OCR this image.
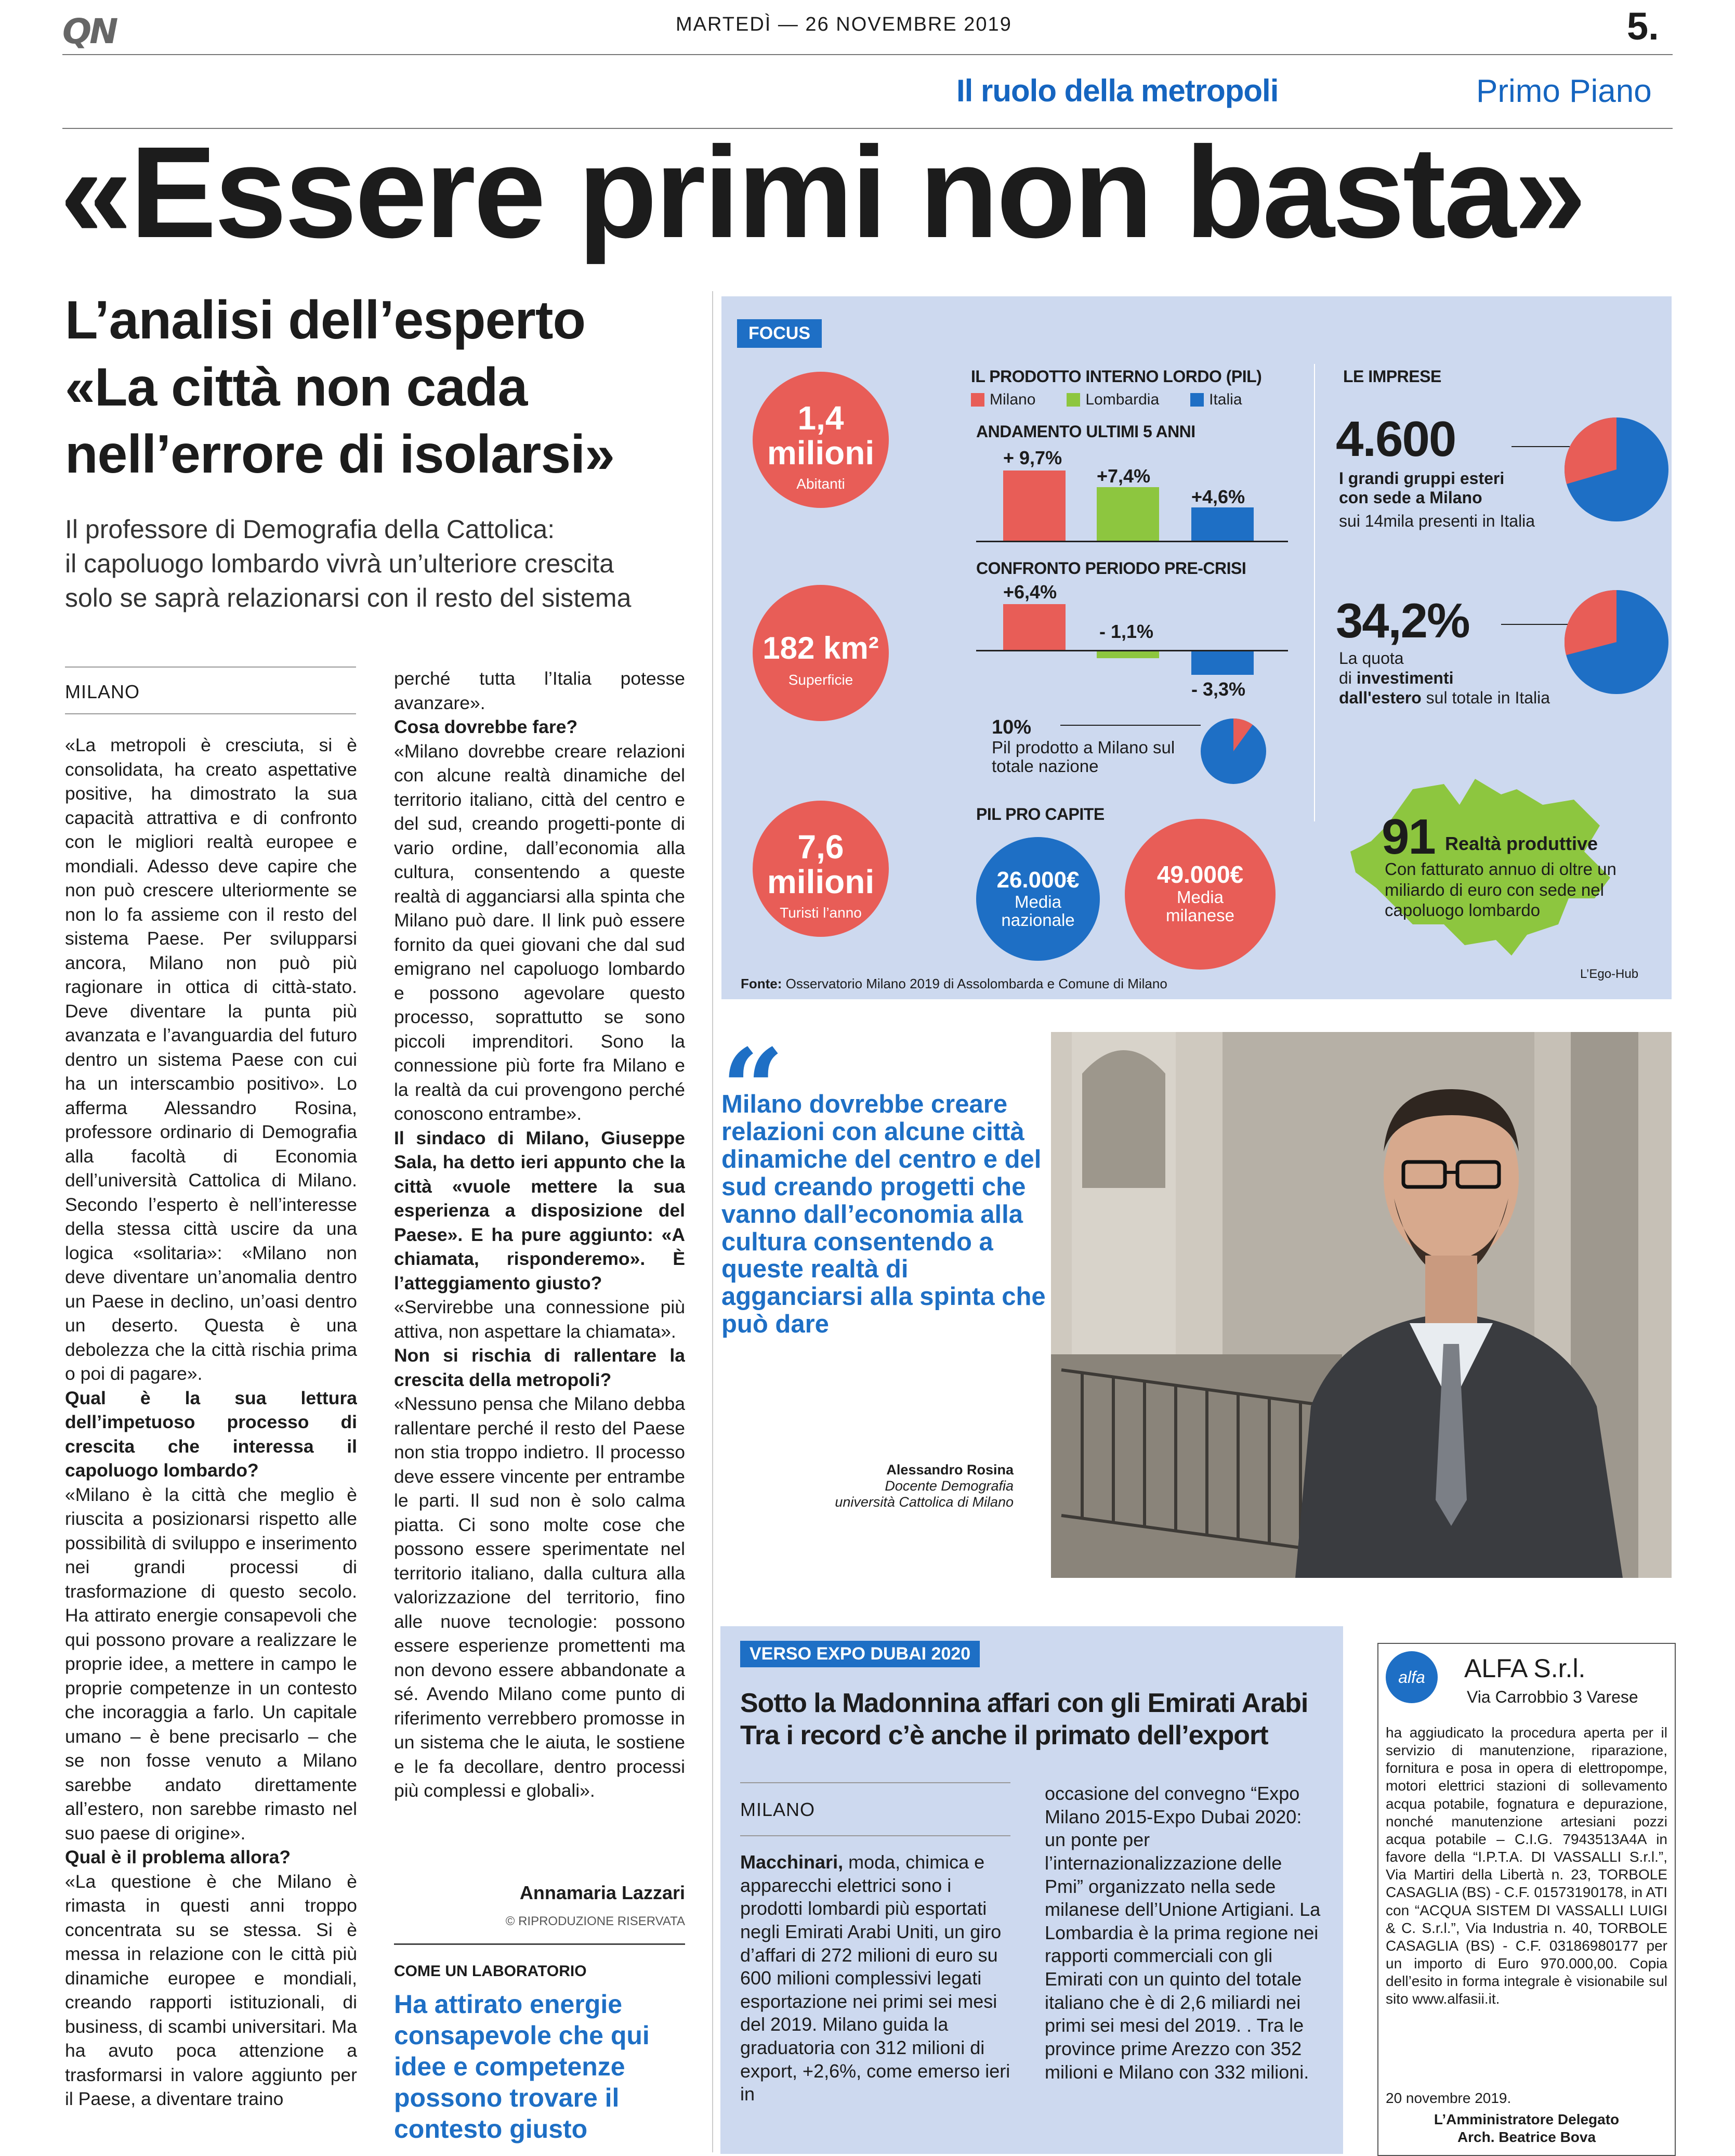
QN	MARTEDÌ — 26 NOVEMBRE 2019	5.
Il ruolo della metropoli	Primo Piano
«Essere primi non basta»
L’analisi dell’esperto
«La città non cada
nell’errore di isolarsi»
Il professore di Demografia della Cattolica:
il capoluogo lombardo vivrà un’ulteriore crescita
solo se saprà relazionarsi con il resto del sistema
MILANO

«La metropoli è cresciuta, si è consolidata, ha creato aspettative positive, ha dimostrato la sua capacità attrattiva e di confronto con le migliori realtà europee e mondiali. Adesso deve capire che non può crescere ulteriormente se non lo fa assieme con il resto del sistema Paese. Per svilupparsi ancora, Milano non può più ragionare in ottica di città-stato. Deve diventare la punta più avanzata e l’avanguardia del futuro dentro un sistema Paese con cui ha un interscambio positivo». Lo afferma Alessandro Rosina, professore ordinario di Demografia alla facoltà di Economia dell’università Cattolica di Milano. Secondo l’esperto è nell’interesse della stessa città uscire da una logica «solitaria»: «Milano non deve diventare un’anomalia dentro un Paese in declino, un’oasi dentro un deserto. Questa è una debolezza che la città rischia prima o poi di pagare».

Qual è la sua lettura dell’impetuoso processo di crescita che interessa il capoluogo lombardo?

«Milano è la città che meglio è riuscita a posizionarsi rispetto alle possibilità di sviluppo e inserimento nei grandi processi di trasformazione di questo secolo. Ha attirato energie consapevoli che qui possono provare a realizzare le proprie idee, a mettere in campo le proprie competenze in un contesto che incoraggia a farlo. Un capitale umano – è bene precisarlo – che se non fosse venuto a Milano sarebbe andato direttamente all’estero, non sarebbe rimasto nel suo paese di origine».

Qual è il problema allora?

«La questione è che Milano è rimasta in questi anni troppo concentrata su se stessa. Si è messa in relazione con le città più dinamiche europee e mondiali, creando rapporti istituzionali, di business, di scambi universitari. Ma ha avuto poca attenzione a trasformarsi in valore aggiunto per il Paese, a diventare traino

perché tutta l’Italia potesse avanzare».

Cosa dovrebbe fare?

«Milano dovrebbe creare relazioni con alcune realtà dinamiche del territorio italiano, città del centro e del sud, creando progetti-ponte di vario ordine, dall’economia alla cultura, consentendo a queste realtà di agganciarsi alla spinta che Milano può dare. Il link può essere fornito da quei giovani che dal sud emigrano nel capoluogo lombardo e possono agevolare questo processo, soprattutto se sono piccoli imprenditori. Sono la connessione più forte fra Milano e la realtà da cui provengono perché conoscono entrambe».

Il sindaco di Milano, Giuseppe Sala, ha detto ieri appunto che la città «vuole mettere la sua esperienza a disposizione del Paese». E ha pure aggiunto: «A chiamata, risponderemo». È l’atteggiamento giusto?

«Servirebbe una connessione più attiva, non aspettare la chiamata».

Non si rischia di rallentare la crescita della metropoli?

«Nessuno pensa che Milano debba rallentare perché il resto del Paese non stia troppo indietro. Il processo deve essere vincente per entrambe le parti. Il sud non è solo calma piatta. Ci sono molte cose che possono essere sperimentate nel territorio italiano, dalla cultura alla valorizzazione del territorio, fino alle nuove tecnologie: possono essere esperienze promettenti ma non devono essere abbandonate a sé. Avendo Milano come punto di riferimento verrebbero promosse in un sistema che le aiuta, le sostiene e le fa decollare, dentro processi più complessi e globali».

Annamaria Lazzari
© RIPRODUZIONE RISERVATA
COME UN LABORATORIO
Ha attirato energie consapevole che qui idee e competenze possono trovare il contesto giusto
FOCUS
1,4 milioni
Abitanti
182 km²
Superficie
7,6 milioni
Turisti l’anno
IL PRODOTTO INTERNO LORDO (PIL)
Milano	Lombardia	Italia
ANDAMENTO ULTIMI 5 ANNI
+ 9,7%
+7,4%
+4,6%
CONFRONTO PERIODO PRE-CRISI
+6,4%
- 1,1%
- 3,3%
10%
Pil prodotto a Milano sul totale nazione
PIL PRO CAPITE
26.000€
Media nazionale
49.000€
Media milanese
Fonte: Osservatorio Milano 2019 di Assolombarda e Comune di Milano
LE IMPRESE
4.600
I grandi gruppi esteri con sede a Milano
sui 14mila presenti in Italia
34,2%
La quota
di investimenti
dall'estero sul totale in Italia
91 Realtà produttive
Con fatturato annuo di oltre un miliardo di euro con sede nel capoluogo lombardo
L’Ego-Hub
“
Milano dovrebbe creare relazioni con alcune città dinamiche del centro e del sud creando progetti che vanno dall’economia alla cultura consentendo a queste realtà di agganciarsi alla spinta che può dare
Alessandro Rosina
Docente Demografia
università Cattolica di Milano
VERSO EXPO DUBAI 2020
Sotto la Madonnina affari con gli Emirati Arabi
Tra i record c’è anche il primato dell’export
MILANO
Macchinari, moda, chimica e apparecchi elettrici sono i prodotti lombardi più esportati negli Emirati Arabi Uniti, un giro d’affari di 272 milioni di euro su 600 milioni complessivi legati esportazione nei primi sei mesi del 2019. Milano guida la graduatoria con 312 milioni di export, +2,6%, come emerso ieri in
occasione del convegno “Expo Milano 2015-Expo Dubai 2020: un ponte per l’internazionalizzazione delle Pmi” organizzato nella sede milanese dell’Unione Artigiani. La Lombardia è la prima regione nei rapporti commerciali con gli Emirati con un quinto del totale italiano che è di 2,6 miliardi nei primi sei mesi del 2019. . Tra le province prime Arezzo con 352 milioni e Milano con 332 milioni.
alfa	ALFA S.r.l.
Via Carrobbio 3 Varese
ha aggiudicato la procedura aperta per il servizio di manutenzione, riparazione, fornitura e posa in opera di elettropompe, motori elettrici stazioni di sollevamento acqua potabile, fognatura e depurazione, nonché manutenzione artesiani pozzi acqua potabile – C.I.G. 7943513A4A in favore della “I.P.T.A. DI VASSALLI S.r.l.”, Via Martiri della Libertà n. 23, TORBOLE CASAGLIA (BS) - C.F. 01573190178, in ATI con “ACQUA SISTEM DI VASSALLI LUIGI & C. S.r.l.”, Via Industria n. 40, TORBOLE CASAGLIA (BS) - C.F. 03186980177 per un importo di Euro 970.000,00. Copia dell’esito in forma integrale è visionabile sul sito www.alfasii.it.
20 novembre 2019.
L’Amministratore Delegato
Arch. Beatrice Bova
